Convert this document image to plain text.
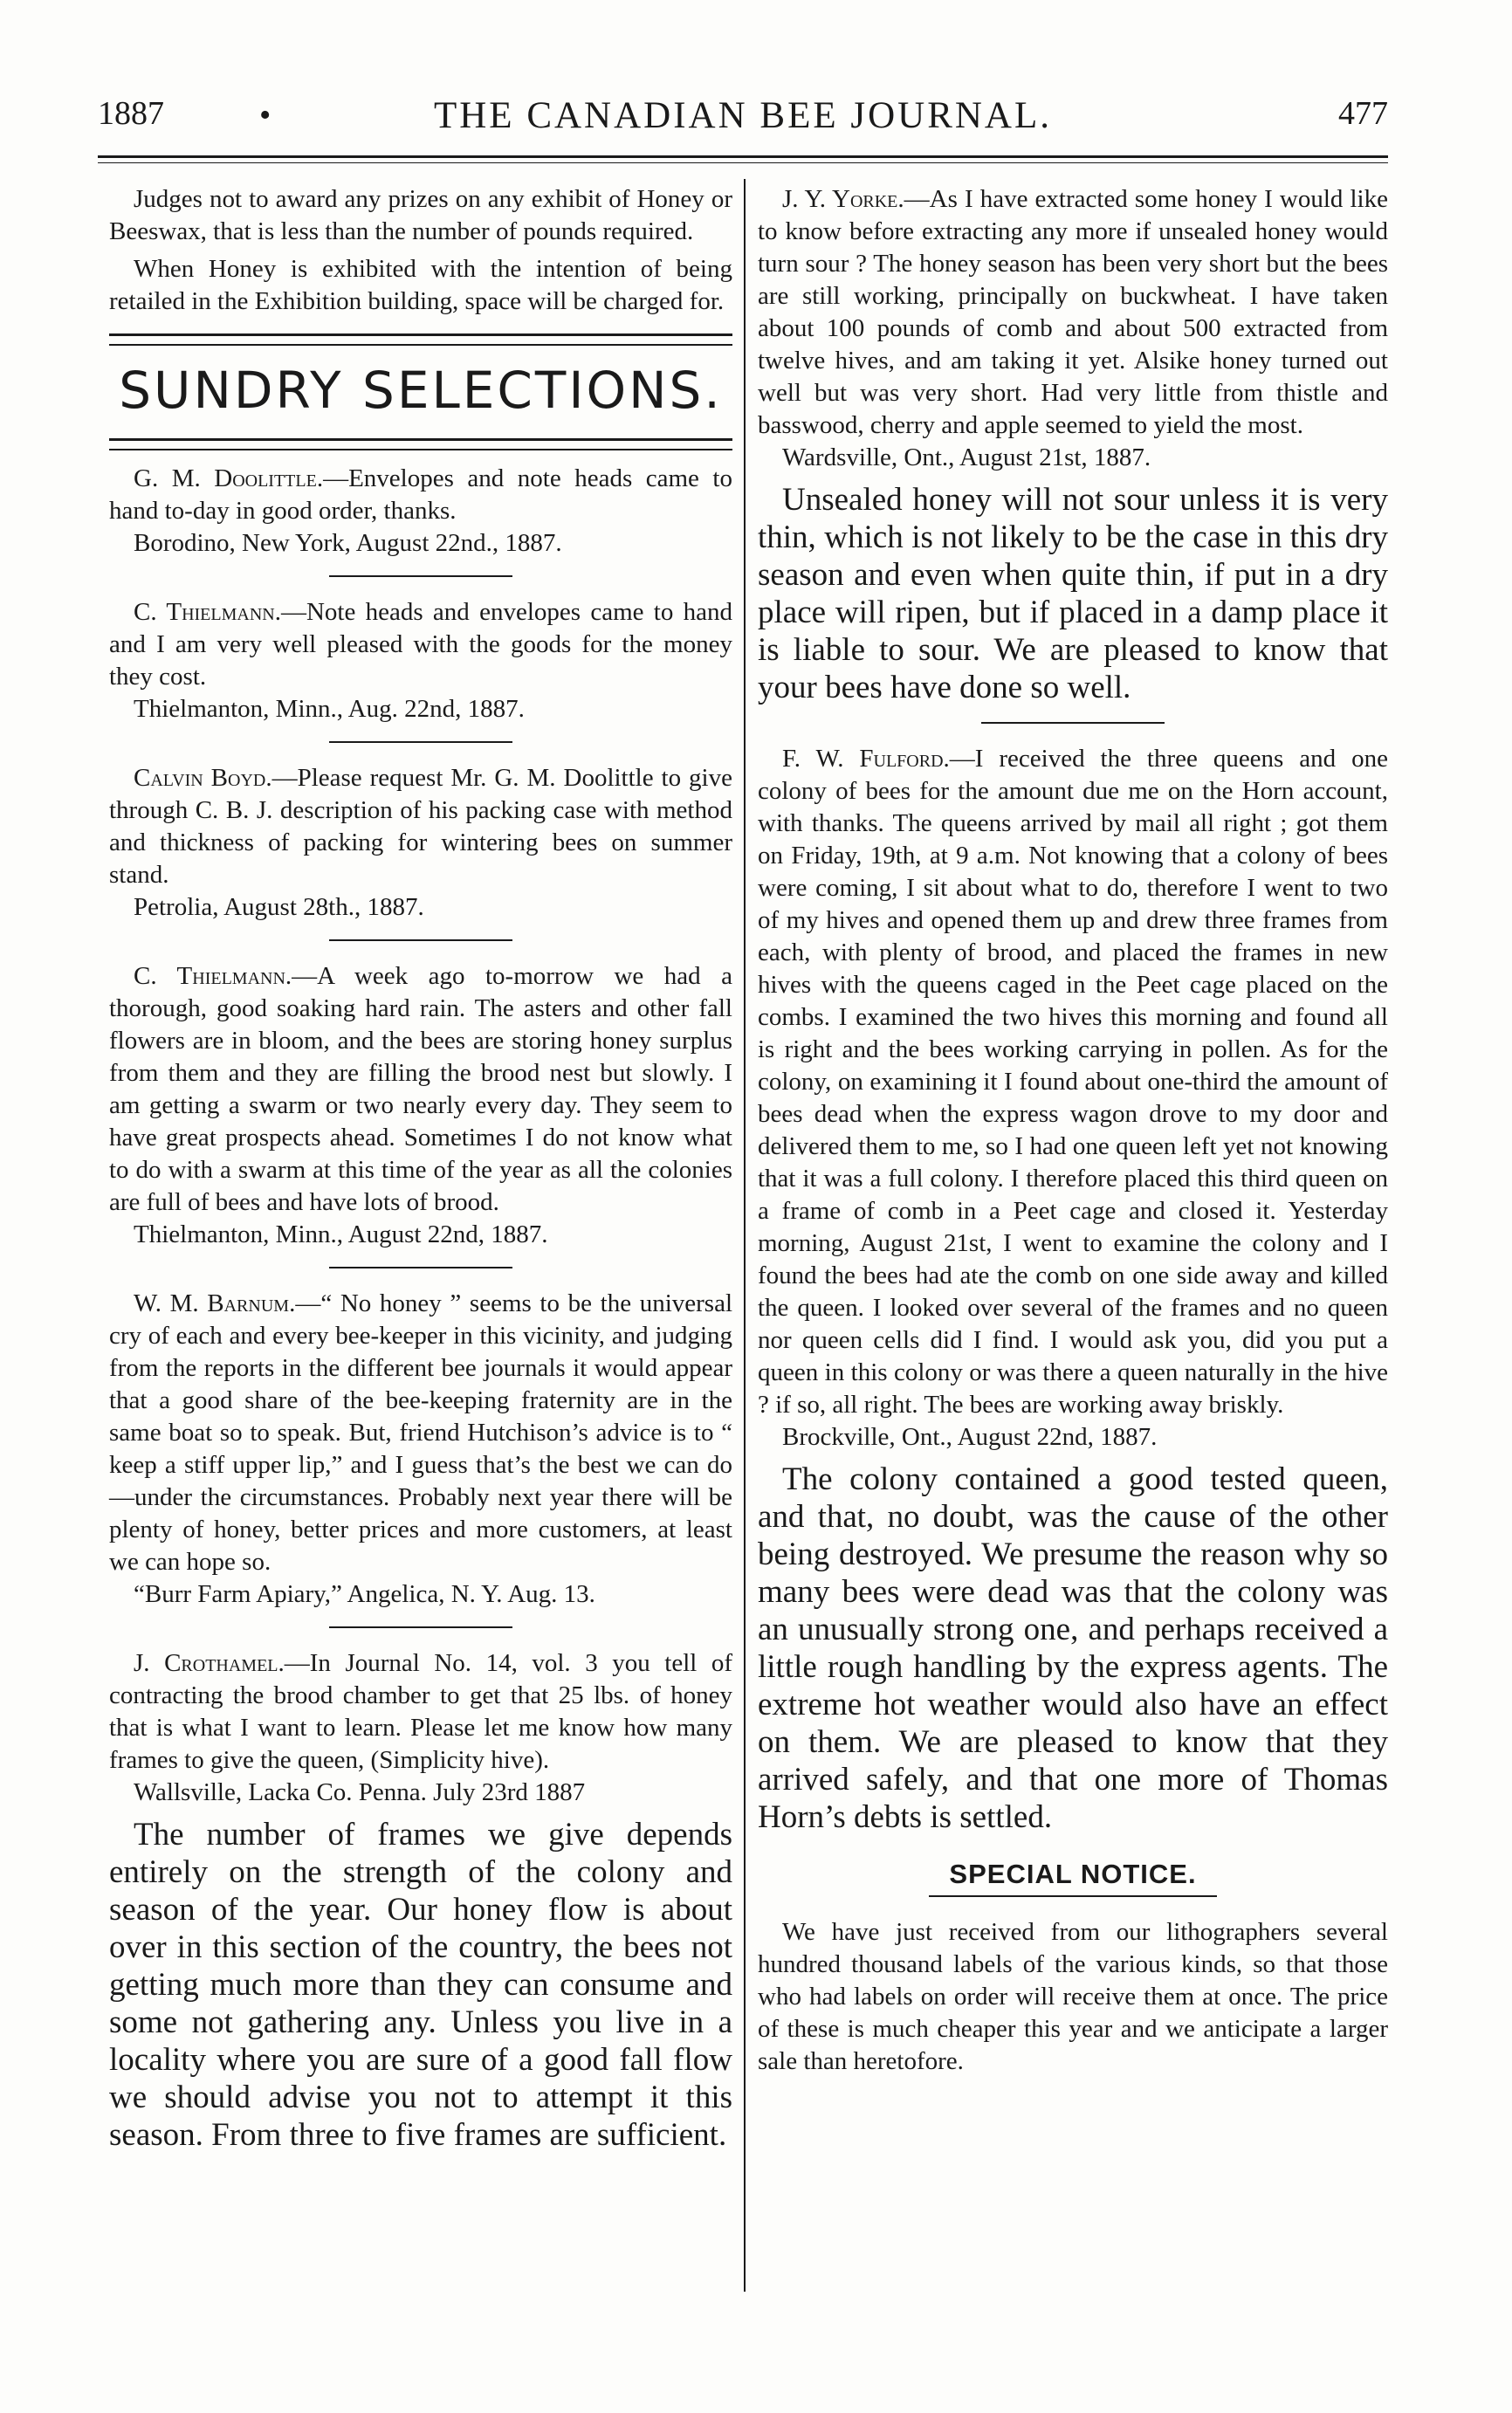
1887	•	THE CANADIAN BEE JOURNAL.	477

Judges not to award any prizes on any exhibit of Honey or Beeswax, that is less than the number of pounds required.

When Honey is exhibited with the intention of being retailed in the Exhibition building, space will be charged for.

SUNDRY SELECTIONS.

G. M. Doolittle.—Envelopes and note heads came to hand to-day in good order, thanks.

Borodino, New York, August 22nd., 1887.

C. Thielmann.—Note heads and envelopes came to hand and I am very well pleased with the goods for the money they cost.

Thielmanton, Minn., Aug. 22nd, 1887.

Calvin Boyd.—Please request Mr. G. M. Doolittle to give through C. B. J. description of his packing case with method and thickness of packing for wintering bees on summer stand.

Petrolia, August 28th., 1887.

C. Thielmann.—A week ago to-morrow we had a thorough, good soaking hard rain. The asters and other fall flowers are in bloom, and the bees are storing honey surplus from them and they are filling the brood nest but slowly. I am getting a swarm or two nearly every day. They seem to have great prospects ahead. Sometimes I do not know what to do with a swarm at this time of the year as all the colonies are full of bees and have lots of brood.

Thielmanton, Minn., August 22nd, 1887.

W. M. Barnum.—“ No honey ” seems to be the universal cry of each and every bee-keeper in this vicinity, and judging from the reports in the different bee journals it would appear that a good share of the bee-keeping fraternity are in the same boat so to speak. But, friend Hutchison’s advice is to “ keep a stiff upper lip,” and I guess that’s the best we can do—under the circumstances. Probably next year there will be plenty of honey, better prices and more customers, at least we can hope so.

“Burr Farm Apiary,” Angelica, N. Y. Aug. 13.

J. Crothamel.—In Journal No. 14, vol. 3 you tell of contracting the brood chamber to get that 25 lbs. of honey that is what I want to learn. Please let me know how many frames to give the queen, (Simplicity hive).

Wallsville, Lacka Co. Penna. July 23rd 1887

The number of frames we give depends entirely on the strength of the colony and season of the year. Our honey flow is about over in this section of the country, the bees not getting much more than they can consume and some not gathering any. Unless you live in a locality where you are sure of a good fall flow we should advise you not to attempt it this season. From three to five frames are sufficient.

J. Y. Yorke.—As I have extracted some honey I would like to know before extracting any more if unsealed honey would turn sour ? The honey season has been very short but the bees are still working, principally on buckwheat. I have taken about 100 pounds of comb and about 500 extracted from twelve hives, and am taking it yet. Alsike honey turned out well but was very short. Had very little from thistle and basswood, cherry and apple seemed to yield the most.

Wardsville, Ont., August 21st, 1887.

Unsealed honey will not sour unless it is very thin, which is not likely to be the case in this dry season and even when quite thin, if put in a dry place will ripen, but if placed in a damp place it is liable to sour. We are pleased to know that your bees have done so well.

F. W. Fulford.—I received the three queens and one colony of bees for the amount due me on the Horn account, with thanks. The queens arrived by mail all right ; got them on Friday, 19th, at 9 a.m. Not knowing that a colony of bees were coming, I sit about what to do, therefore I went to two of my hives and opened them up and drew three frames from each, with plenty of brood, and placed the frames in new hives with the queens caged in the Peet cage placed on the combs. I examined the two hives this morning and found all is right and the bees working carrying in pollen. As for the colony, on examining it I found about one-third the amount of bees dead when the express wagon drove to my door and delivered them to me, so I had one queen left yet not knowing that it was a full colony. I therefore placed this third queen on a frame of comb in a Peet cage and closed it. Yesterday morning, August 21st, I went to examine the colony and I found the bees had ate the comb on one side away and killed the queen. I looked over several of the frames and no queen nor queen cells did I find. I would ask you, did you put a queen in this colony or was there a queen naturally in the hive ? if so, all right. The bees are working away briskly.

Brockville, Ont., August 22nd, 1887.

The colony contained a good tested queen, and that, no doubt, was the cause of the other being destroyed. We presume the reason why so many bees were dead was that the colony was an unusually strong one, and perhaps received a little rough handling by the express agents. The extreme hot weather would also have an effect on them. We are pleased to know that they arrived safely, and that one more of Thomas Horn’s debts is settled.

SPECIAL NOTICE.

We have just received from our lithographers several hundred thousand labels of the various kinds, so that those who had labels on order will receive them at once. The price of these is much cheaper this year and we anticipate a larger sale than heretofore.
